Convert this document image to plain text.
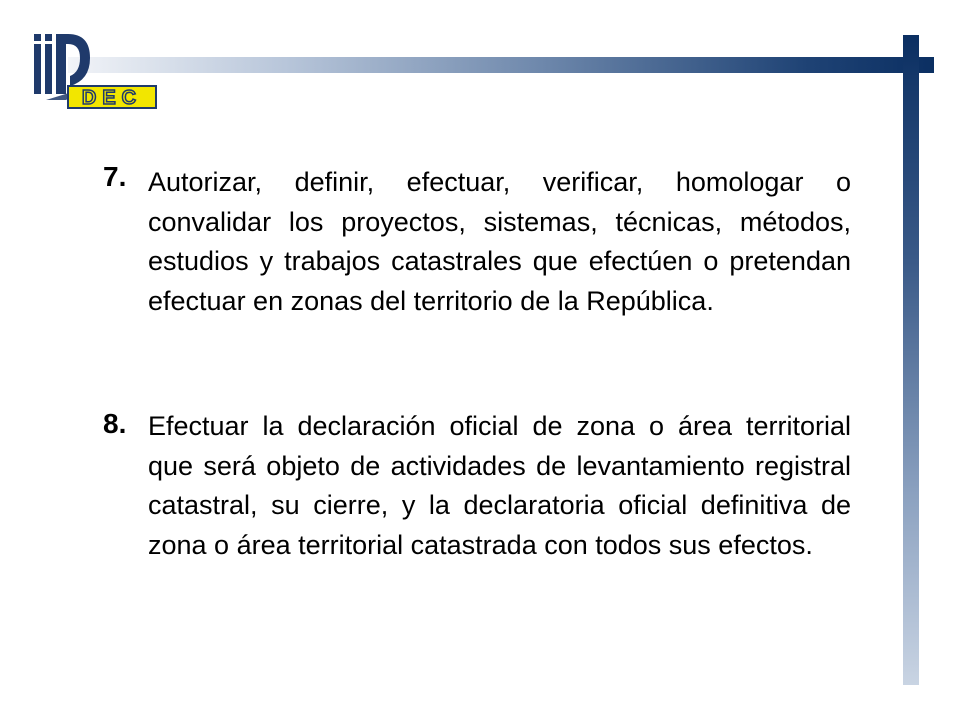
DEC
7. Autorizar, definir, efectuar, verificar, homologar o convalidar los proyectos, sistemas, técnicas, métodos, estudios y trabajos catastrales que efectúen o pretendan efectuar en zonas del territorio de la República.

8. Efectuar la declaración oficial de zona o área territorial que será objeto de actividades de levantamiento registral catastral, su cierre, y la declaratoria oficial definitiva de zona o área territorial catastrada con todos sus efectos.
